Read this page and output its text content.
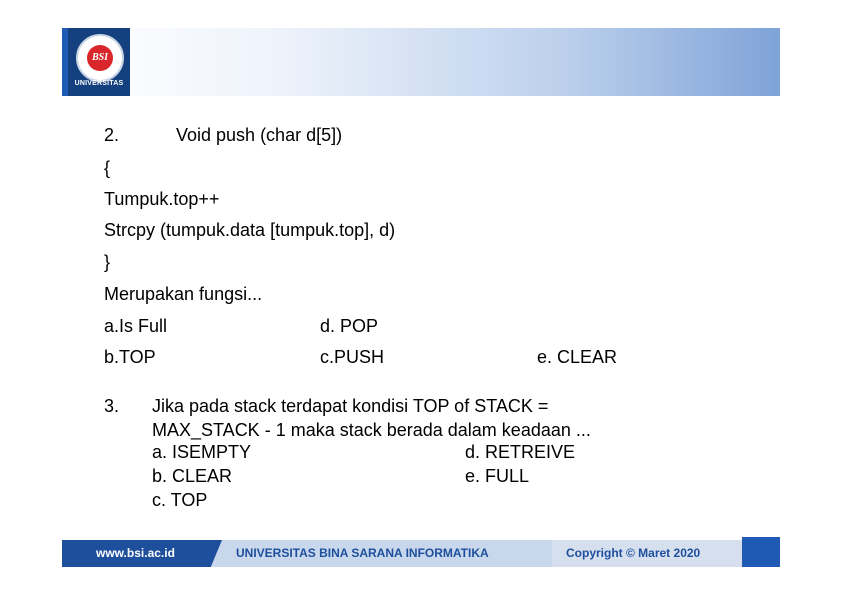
BSI
UNIVERSITAS
2.	Void push (char d[5])
{
Tumpuk.top++
Strcpy (tumpuk.data [tumpuk.top], d)
}
Merupakan fungsi...
a.Is Full	d. POP
b.TOP	c.PUSH	e. CLEAR
3. Jika pada stack terdapat kondisi TOP of STACK =
MAX_STACK - 1 maka stack berada dalam keadaan ...
a. ISEMPTY	d. RETREIVE
b. CLEAR	e. FULL
c. TOP
www.bsi.ac.id	UNIVERSITAS BINA SARANA INFORMATIKA	Copyright © Maret 2020
